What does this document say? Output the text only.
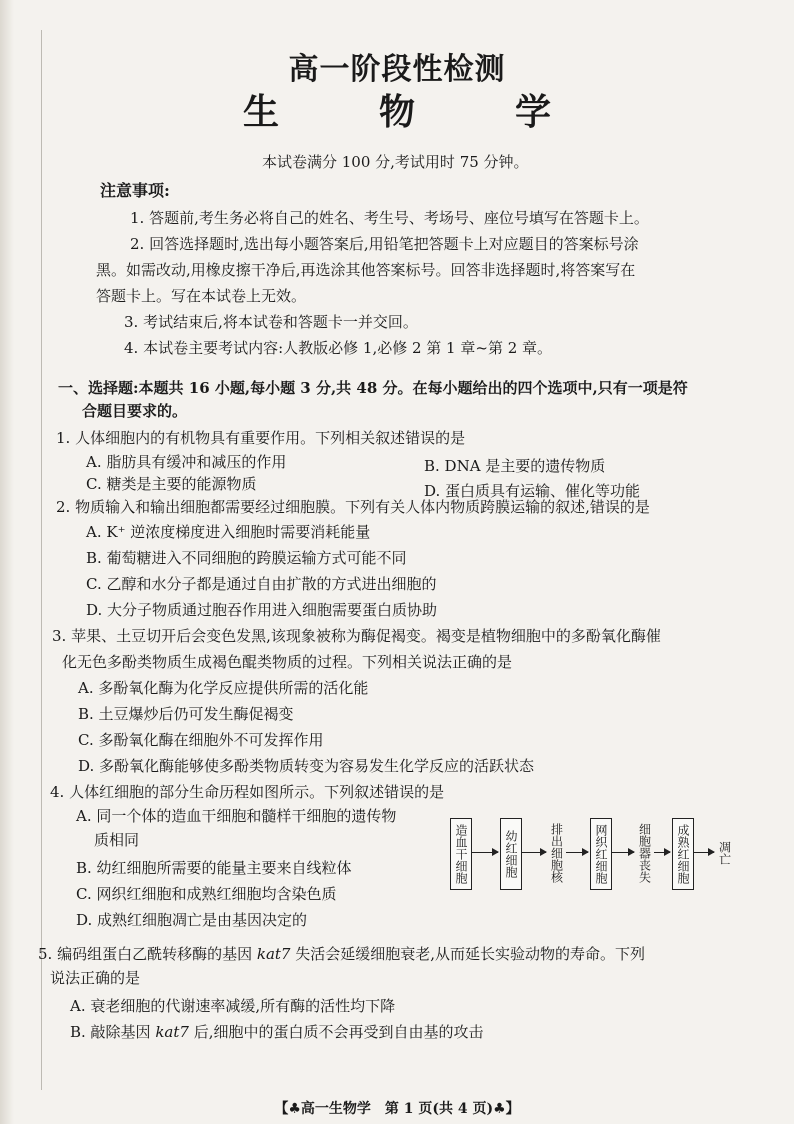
高一阶段性检测
生　物　学
本试卷满分 100 分,考试用时 75 分钟。
注意事项:
1. 答题前,考生务必将自己的姓名、考生号、考场号、座位号填写在答题卡上。
2. 回答选择题时,选出每小题答案后,用铅笔把答题卡上对应题目的答案标号涂
黑。如需改动,用橡皮擦干净后,再选涂其他答案标号。回答非选择题时,将答案写在
答题卡上。写在本试卷上无效。
3. 考试结束后,将本试卷和答题卡一并交回。
4. 本试卷主要考试内容:人教版必修 1,必修 2 第 1 章~第 2 章。
一、选择题:本题共 16 小题,每小题 3 分,共 48 分。在每小题给出的四个选项中,只有一项是符
合题目要求的。
1. 人体细胞内的有机物具有重要作用。下列相关叙述错误的是
A. 脂肪具有缓冲和减压的作用	B. DNA 是主要的遗传物质
C. 糖类是主要的能源物质	D. 蛋白质具有运输、催化等功能
2. 物质输入和输出细胞都需要经过细胞膜。下列有关人体内物质跨膜运输的叙述,错误的是
A. K⁺ 逆浓度梯度进入细胞时需要消耗能量
B. 葡萄糖进入不同细胞的跨膜运输方式可能不同
C. 乙醇和水分子都是通过自由扩散的方式进出细胞的
D. 大分子物质通过胞吞作用进入细胞需要蛋白质协助
3. 苹果、土豆切开后会变色发黑,该现象被称为酶促褐变。褐变是植物细胞中的多酚氧化酶催
化无色多酚类物质生成褐色醌类物质的过程。下列相关说法正确的是
A. 多酚氧化酶为化学反应提供所需的活化能
B. 土豆爆炒后仍可发生酶促褐变
C. 多酚氧化酶在细胞外不可发挥作用
D. 多酚氧化酶能够使多酚类物质转变为容易发生化学反应的活跃状态
4. 人体红细胞的部分生命历程如图所示。下列叙述错误的是
A. 同一个体的造血干细胞和髓样干细胞的遗传物
质相同
B. 幼红细胞所需要的能量主要来自线粒体
C. 网织红细胞和成熟红细胞均含染色质
D. 成熟红细胞凋亡是由基因决定的
造血干细胞	幼红细胞	排出细胞核	网织红细胞	细胞器丧失	成熟红细胞	凋亡
5. 编码组蛋白乙酰转移酶的基因 kat7 失活会延缓细胞衰老,从而延长实验动物的寿命。下列
说法正确的是
A. 衰老细胞的代谢速率减缓,所有酶的活性均下降
B. 敲除基因 kat7 后,细胞中的蛋白质不会再受到自由基的攻击
【♣高一生物学　第 1 页(共 4 页)♣】
